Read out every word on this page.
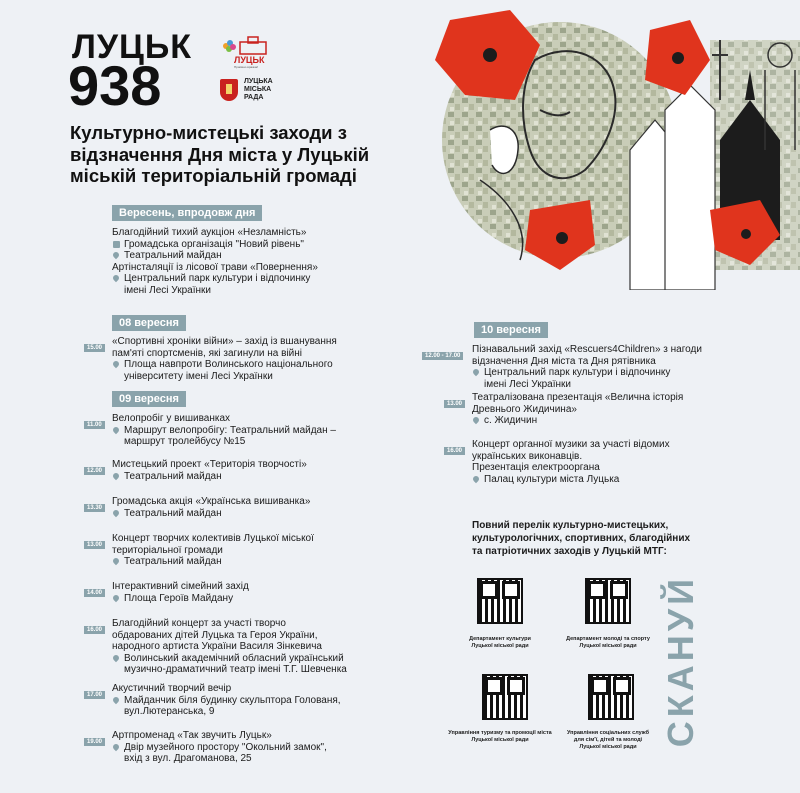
ЛУЦЬК
938	ЛУЦЬК
Приємно вражає!
ЛУЦЬКА
МІСЬКА
РАДА
Культурно-мистецькі заходи з відзначення Дня міста у Луцькій міській територіальній громаді
Вересень, впродовж дня
Благодійний тихий аукціон «Незламність»
Громадська організація "Новий рівень"
Театральний майдан
Артінсталяції із лісової трави «Повернення»
Центральний парк культури і відпочинку
імені Лесі Українки
08 вересня
15.00
«Спортивні хроніки війни» – захід із вшанування
пам'яті спортсменів, які загинули на війні
Площа навпроти Волинського національного
університету імені Лесі Українки
09 вересня
11.00
Велопробіг у вишиванках
Маршрут велопробігу: Театральний майдан –
маршрут тролейбусу №15
12.00
Мистецький проект «Територія творчості»
Театральний майдан
13.30
Громадська акція «Українська вишиванка»
Театральний майдан
13.00
Концерт творчих колективів Луцької міської
територіальної громади
Театральний майдан
14.00
Інтерактивний сімейний захід
Площа Героїв Майдану
16.00
Благодійний концерт за участі творчо
обдарованих дітей Луцька та Героя України,
народного артиста України Василя Зінкевича
Волинський академічний обласний український
музично-драматичний театр імені Т.Г. Шевченка
17.00
Акустичний творчий вечір
Майданчик біля будинку скульптора Голованя,
вул.Лютеранська, 9
19.00
Артпроменад «Так звучить Луцьк»
Двір музейного простору "Окольний замок",
вхід з вул. Драгоманова, 25
10 вересня
12.00 - 17.00
Пізнавальний захід «Rescuers4Children» з нагоди
відзначення Дня міста та Дня рятівника
Центральний парк культури і відпочинку
імені Лесі Українки
13.00
Театралізована презентація «Велична історія
Древнього Жидичина»
с. Жидичин
16.00
Концерт органної музики за участі відомих
українських виконавців.
Презентація електрооргана
Палац культури міста Луцька
Повний перелік культурно-мистецьких,
культурологічних, спортивних, благодійних
та патріотичних заходів у Луцькій МТГ:
Департамент культури
Луцької міської ради
Департамент молоді та спорту
Луцької міської ради
Управління туризму та промоції міста
Луцької міської ради
Управління соціальних служб
для сім'ї, дітей та молоді
Луцької міської ради СКАНУЙ
